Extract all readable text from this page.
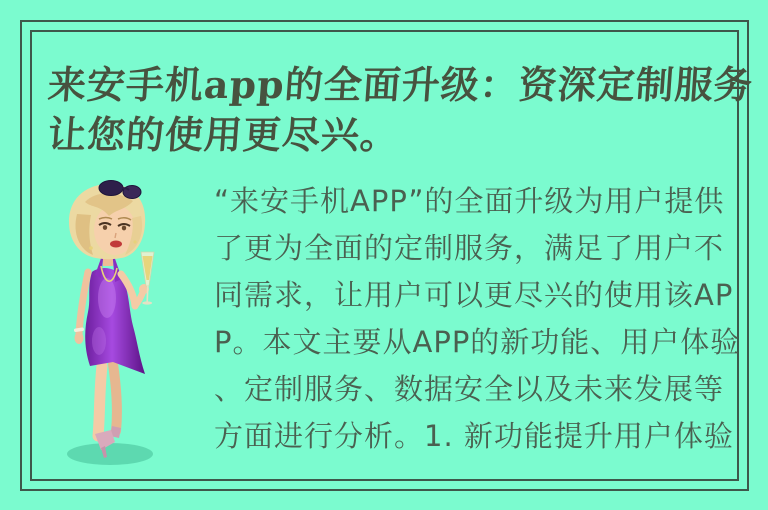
来安手机app的全面升级：资深定制服务
让您的使用更尽兴。
“来安手机APP”的全面升级为用户提供
了更为全面的定制服务，满足了用户不
同需求，让用户可以更尽兴的使用该AP
P。本文主要从APP的新功能、用户体验
、定制服务、数据安全以及未来发展等
方面进行分析。1. 新功能提升用户体验
